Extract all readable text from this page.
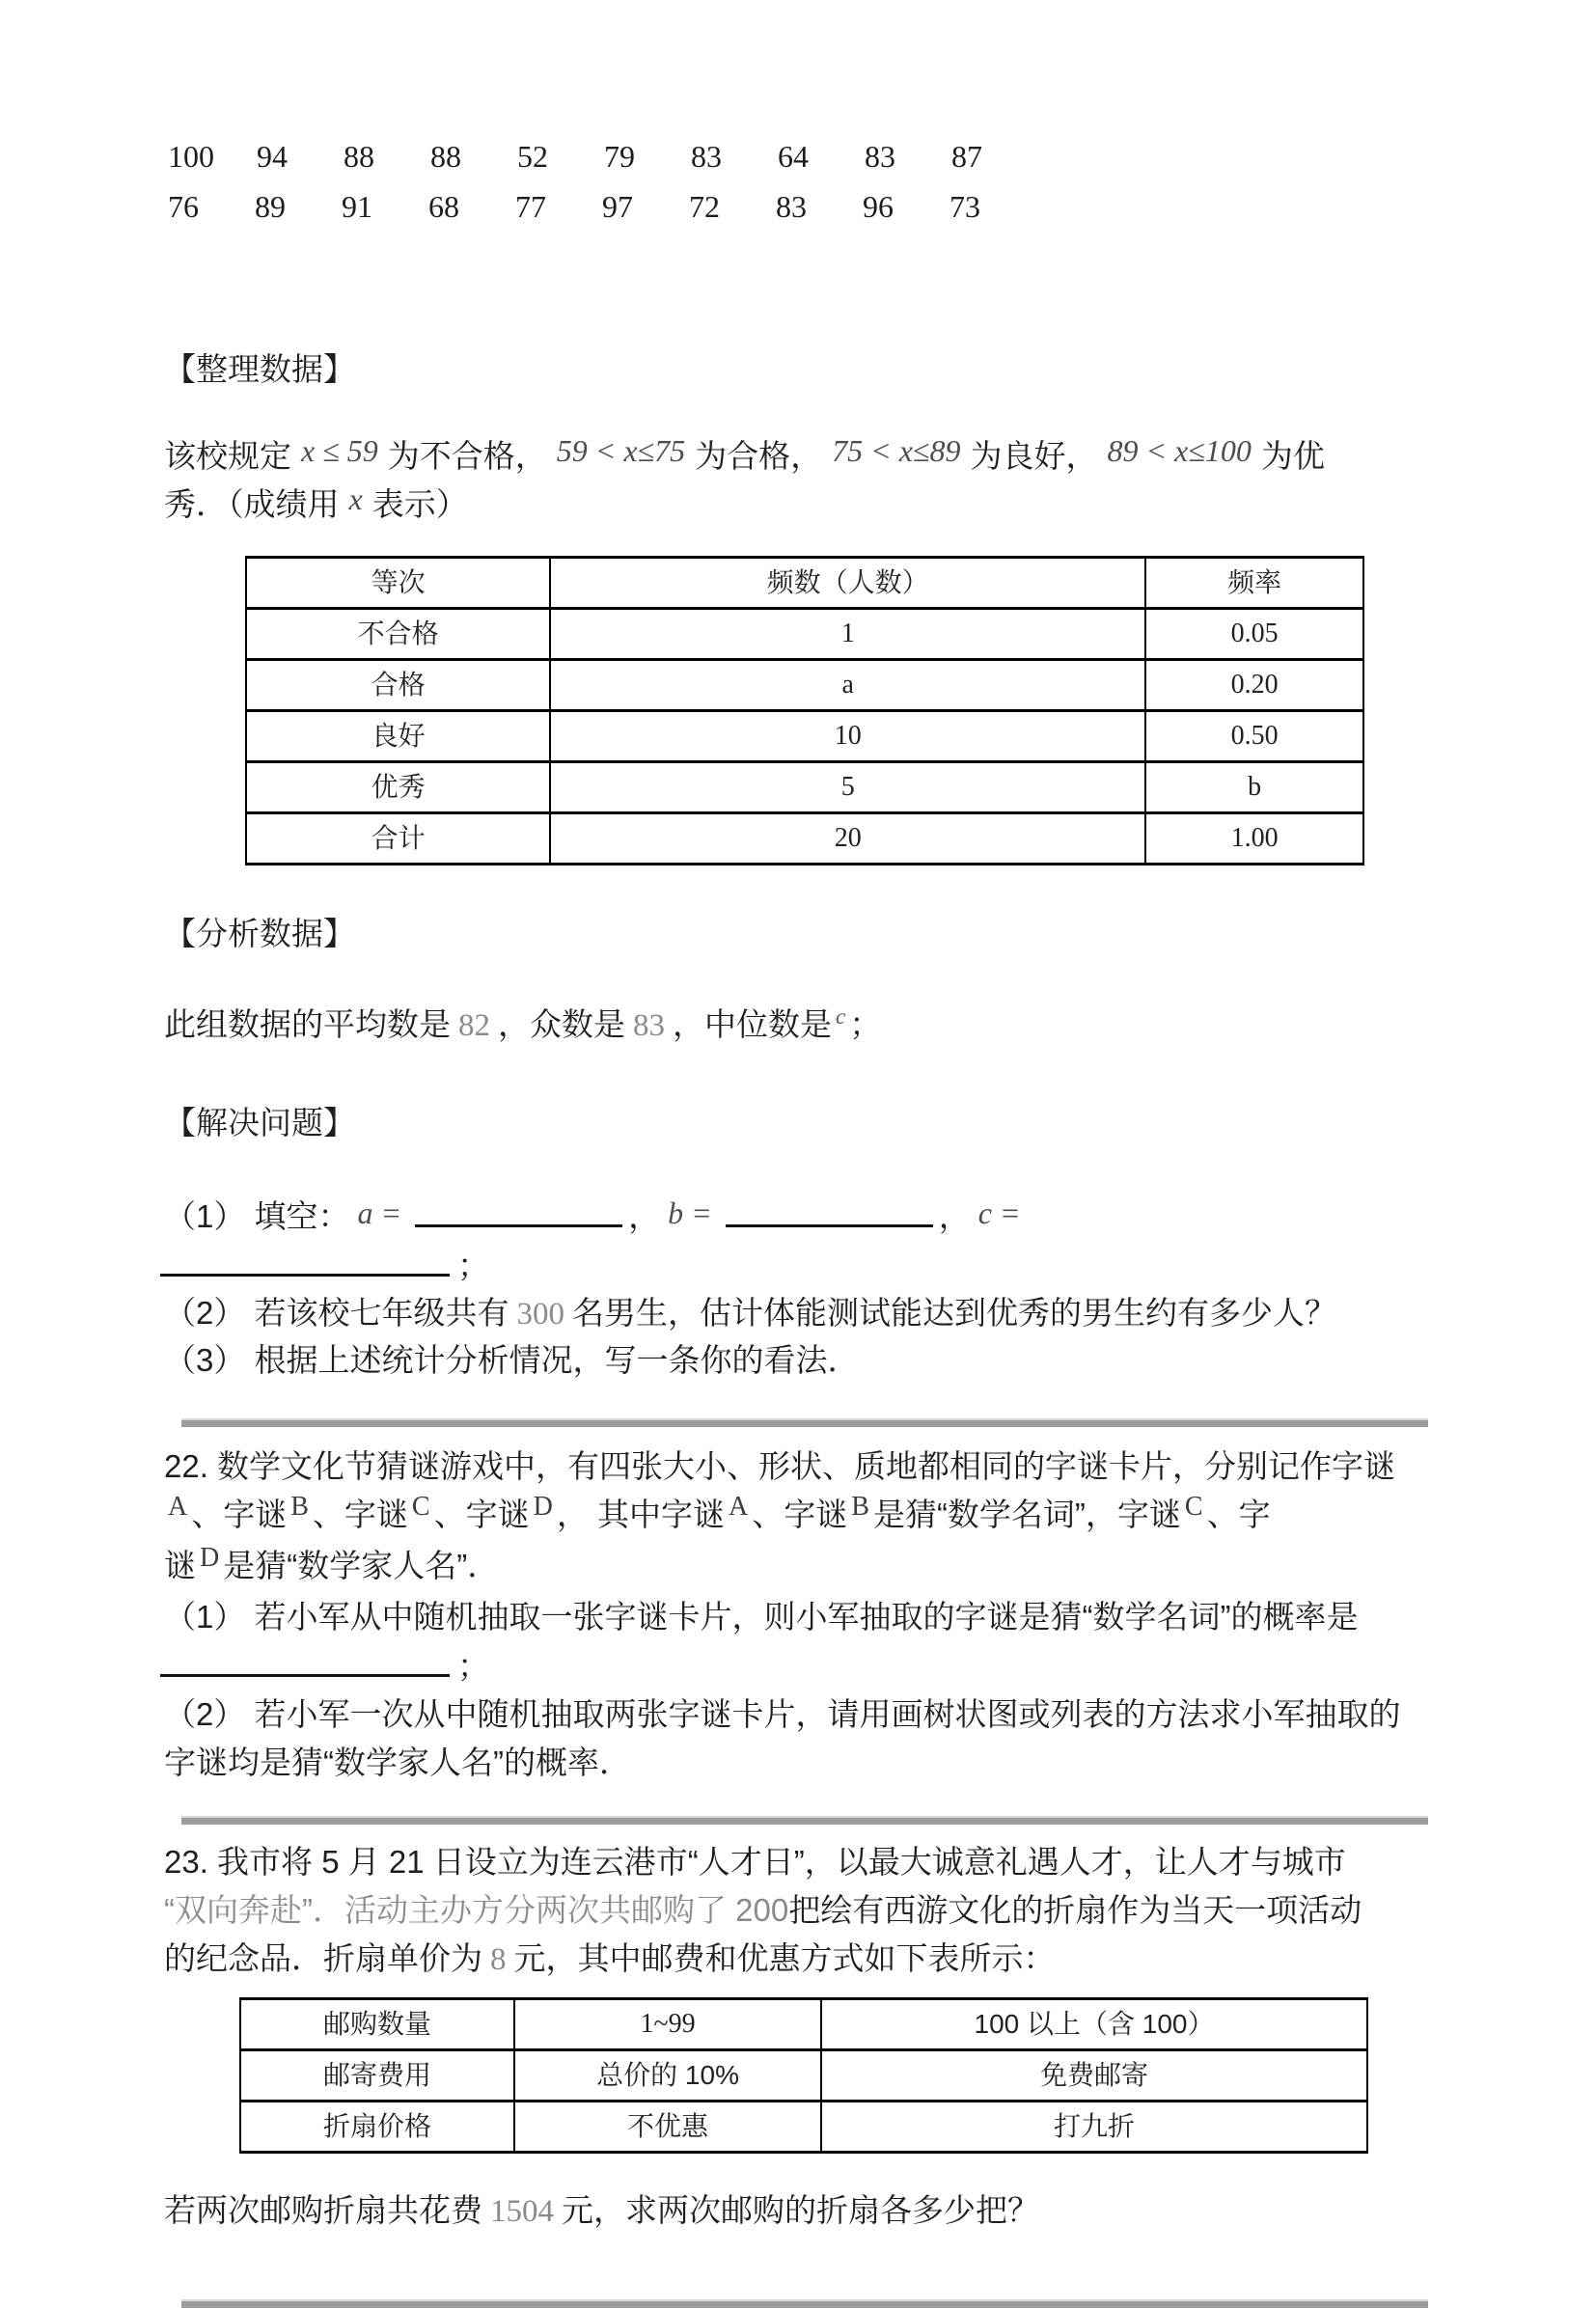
100 94	88	88	52	79	83	64	83	87
76	89	91	68	77	97	72	83	96	73
【整理数据】
该校规定 x ≤ 59 为不合格， 59 < x≤75 为合格， 75 < x≤89 为良好， 89 < x≤100 为优
秀．（成绩用 x 表示）
等次	频数（人数）	频率
不合格	1	0.05
合格	a	0.20
良好	10	0.50
优秀	5	b
合计	20	1.00
【分析数据】
此组数据的平均数是 82 ，众数是 83 ，中位数是 $^c$ ；
【解决问题】
（1） 填空： a =	， b =	， c =
；
（2） 若该校七年级共有 300 名男生，估计体能测试能达到优秀的男生约有多少人？
（3） 根据上述统计分析情况，写一条你的看法．
22. 数学文化节猜谜游戏中，有四张大小、形状、质地都相同的字谜卡片，分别记作字谜
$^A$ 、字谜 $^B$ 、字谜 $^C$ 、字谜 $^D$ ， 其中字谜 $^A$ 、字谜 $^B$ 是猜“数学名词”，字谜 $^C$ 、字
谜 $^D$ 是猜“数学家人名”．
（1） 若小军从中随机抽取一张字谜卡片，则小军抽取的字谜是猜“数学名词”的概率是
；
（2） 若小军一次从中随机抽取两张字谜卡片，请用画树状图或列表的方法求小军抽取的
字谜均是猜“数学家人名”的概率．
23. 我市将 5 月 21 日设立为连云港市“人才日”，以最大诚意礼遇人才，让人才与城市
“双向奔赴”．活动主办方分两次共邮购了 200把绘有西游文化的折扇作为当天一项活动
的纪念品．折扇单价为 8 元，其中邮费和优惠方式如下表所示：
邮购数量	1~99	100 以上（含 100）
邮寄费用	总价的 10%	免费邮寄
折扇价格	不优惠	打九折
若两次邮购折扇共花费 1504 元，求两次邮购的折扇各多少把？
